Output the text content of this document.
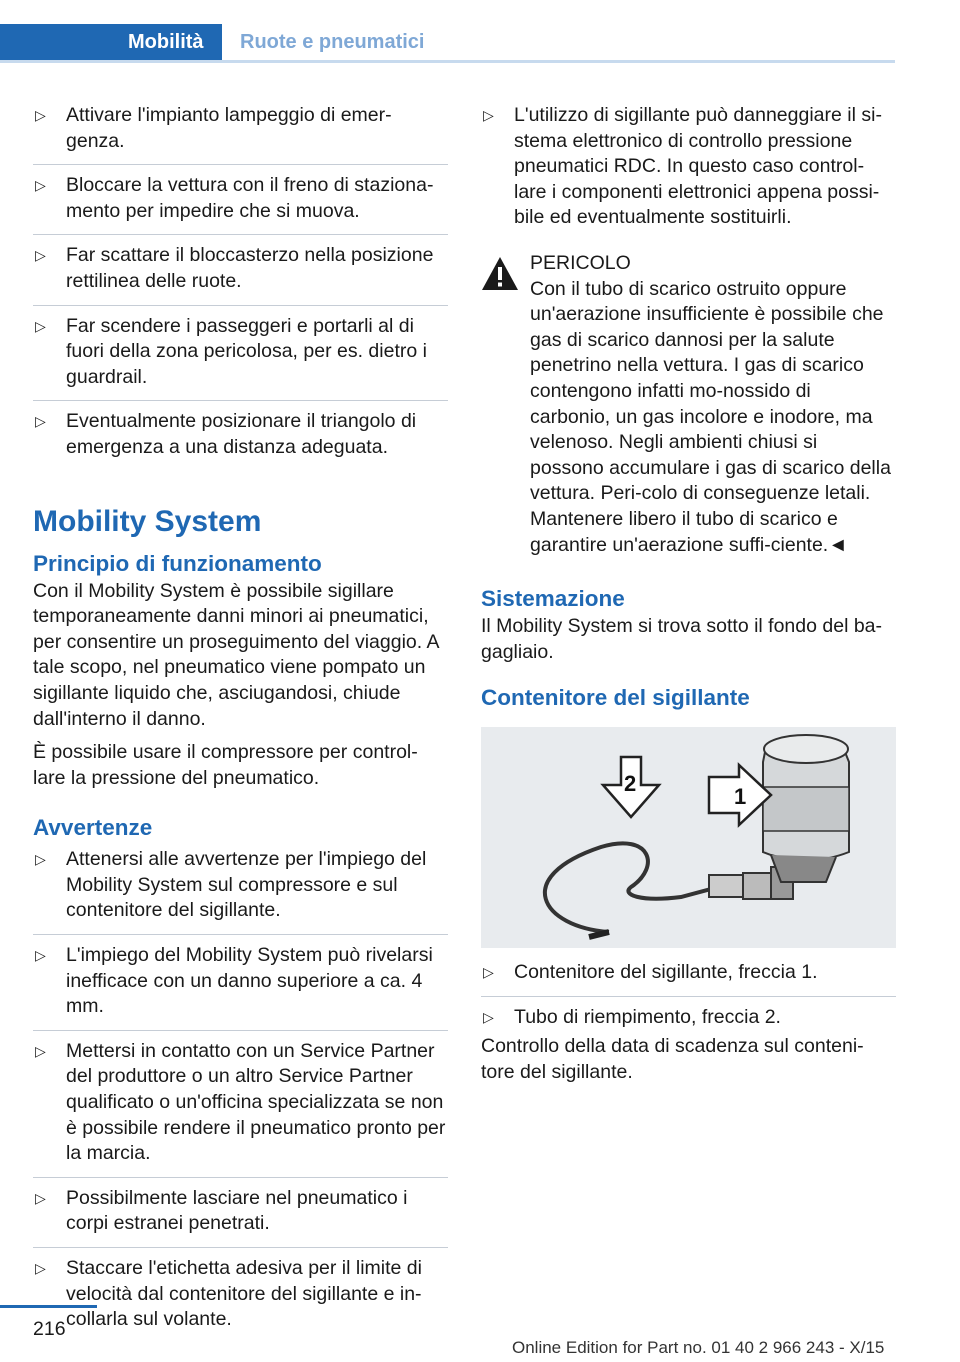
Mobilità	Ruote e pneumatici
▷ Attivare l'impianto lampeggio di emer-genza.
▷ Bloccare la vettura con il freno di staziona-mento per impedire che si muova.
▷ Far scattare il bloccasterzo nella posizione rettilinea delle ruote.
▷ Far scendere i passeggeri e portarli al di fuori della zona pericolosa, per es. dietro i guardrail.
▷ Eventualmente posizionare il triangolo di emergenza a una distanza adeguata.
Mobility System
Principio di funzionamento

Con il Mobility System è possibile sigillare temporaneamente danni minori ai pneumatici, per consentire un proseguimento del viaggio. A tale scopo, nel pneumatico viene pompato un sigillante liquido che, asciugandosi, chiude dall'interno il danno.

È possibile usare il compressore per control-lare la pressione del pneumatico.

Avvertenze
▷ Attenersi alle avvertenze per l'impiego del Mobility System sul compressore e sul contenitore del sigillante.
▷ L'impiego del Mobility System può rivelarsi inefficace con un danno superiore a ca. 4 mm.
▷ Mettersi in contatto con un Service Partner del produttore o un altro Service Partner qualificato o un'officina specializzata se non è possibile rendere il pneumatico pronto per la marcia.
▷ Possibilmente lasciare nel pneumatico i corpi estranei penetrati.
▷ Staccare l'etichetta adesiva per il limite di velocità dal contenitore del sigillante e in-collarla sul volante.
▷ L'utilizzo di sigillante può danneggiare il si-stema elettronico di controllo pressione pneumatici RDC. In questo caso control-lare i componenti elettronici appena possi-bile ed eventualmente sostituirli.
PERICOLO
Con il tubo di scarico ostruito oppure un'aerazione insufficiente è possibile che gas di scarico dannosi per la salute penetrino nella vettura. I gas di scarico contengono infatti mo-nossido di carbonio, un gas incolore e inodore, ma velenoso. Negli ambienti chiusi si possono accumulare i gas di scarico della vettura. Peri-colo di conseguenze letali. Mantenere libero il tubo di scarico e garantire un'aerazione suffi-ciente.◄
Sistemazione

Il Mobility System si trova sotto il fondo del ba-gagliaio.

Contenitore del sigillante
2
1
▷ Contenitore del sigillante, freccia 1.
▷ Tubo di riempimento, freccia 2.

Controllo della data di scadenza sul conteni-tore del sigillante.

216
Online Edition for Part no. 01 40 2 966 243 - X/15
